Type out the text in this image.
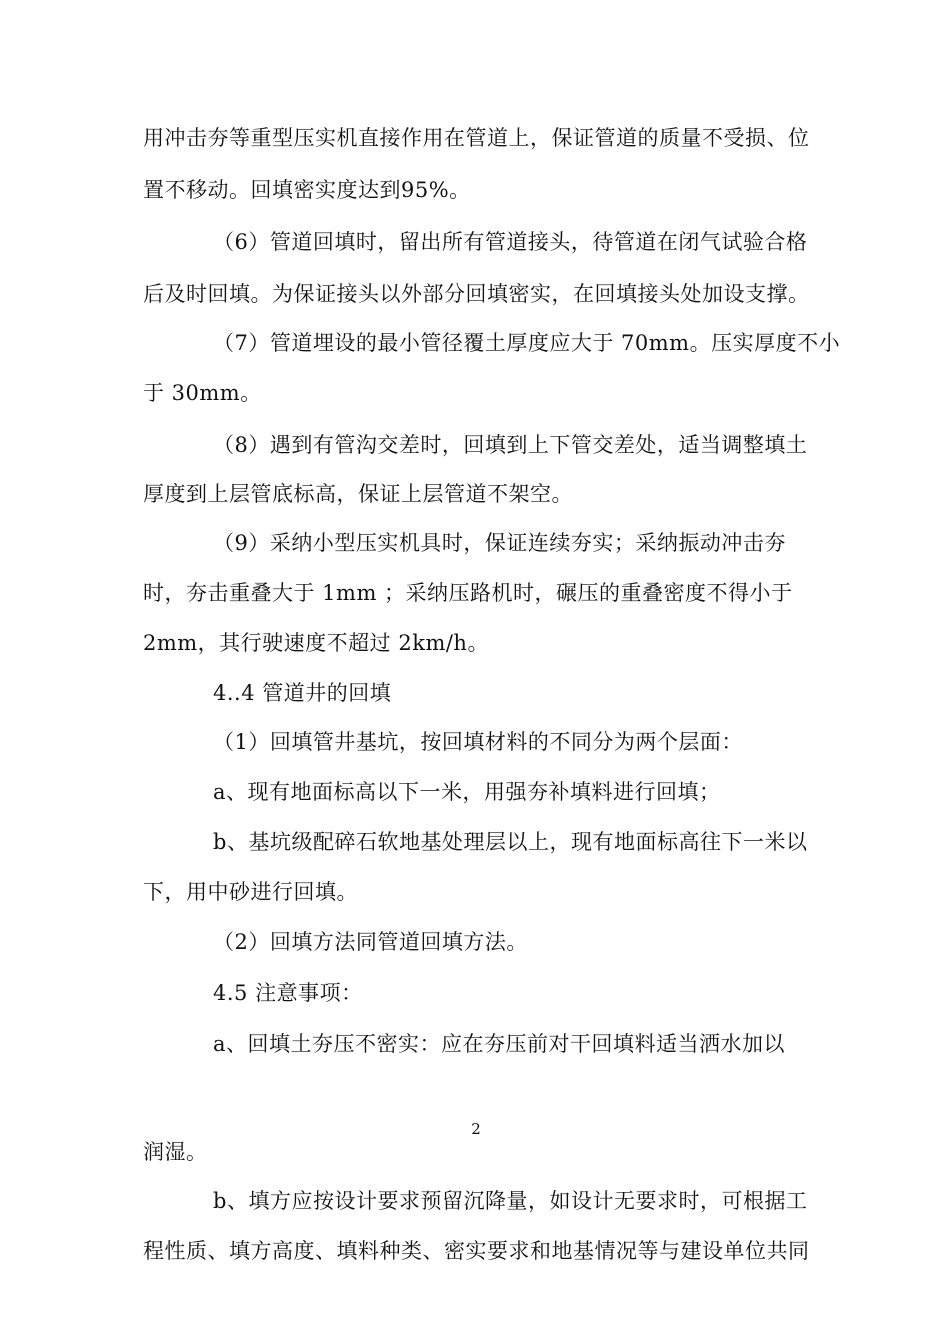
用冲击夯等重型压实机直接作用在管道上，保证管道的质量不受损、位
置不移动。回填密实度达到95%。
（6）管道回填时，留出所有管道接头，待管道在闭气试验合格
后及时回填。为保证接头以外部分回填密实，在回填接头处加设支撑。
（7）管道埋设的最小管径覆土厚度应大于 70mm。压实厚度不小
于 30mm。
（8）遇到有管沟交差时，回填到上下管交差处，适当调整填土
厚度到上层管底标高，保证上层管道不架空。
（9）采纳小型压实机具时，保证连续夯实；采纳振动冲击夯
时，夯击重叠大于 1mm ；采纳压路机时，碾压的重叠密度不得小于
2mm，其行驶速度不超过 2km/h。
4..4 管道井的回填
（1）回填管井基坑，按回填材料的不同分为两个层面：
a、现有地面标高以下一米，用强夯补填料进行回填；
b、基坑级配碎石软地基处理层以上，现有地面标高往下一米以
下，用中砂进行回填。
（2）回填方法同管道回填方法。
4.5 注意事项：
a、回填土夯压不密实：应在夯压前对干回填料适当洒水加以
2
润湿。
b、填方应按设计要求预留沉降量，如设计无要求时，可根据工
程性质、填方高度、填料种类、密实要求和地基情况等与建设单位共同
